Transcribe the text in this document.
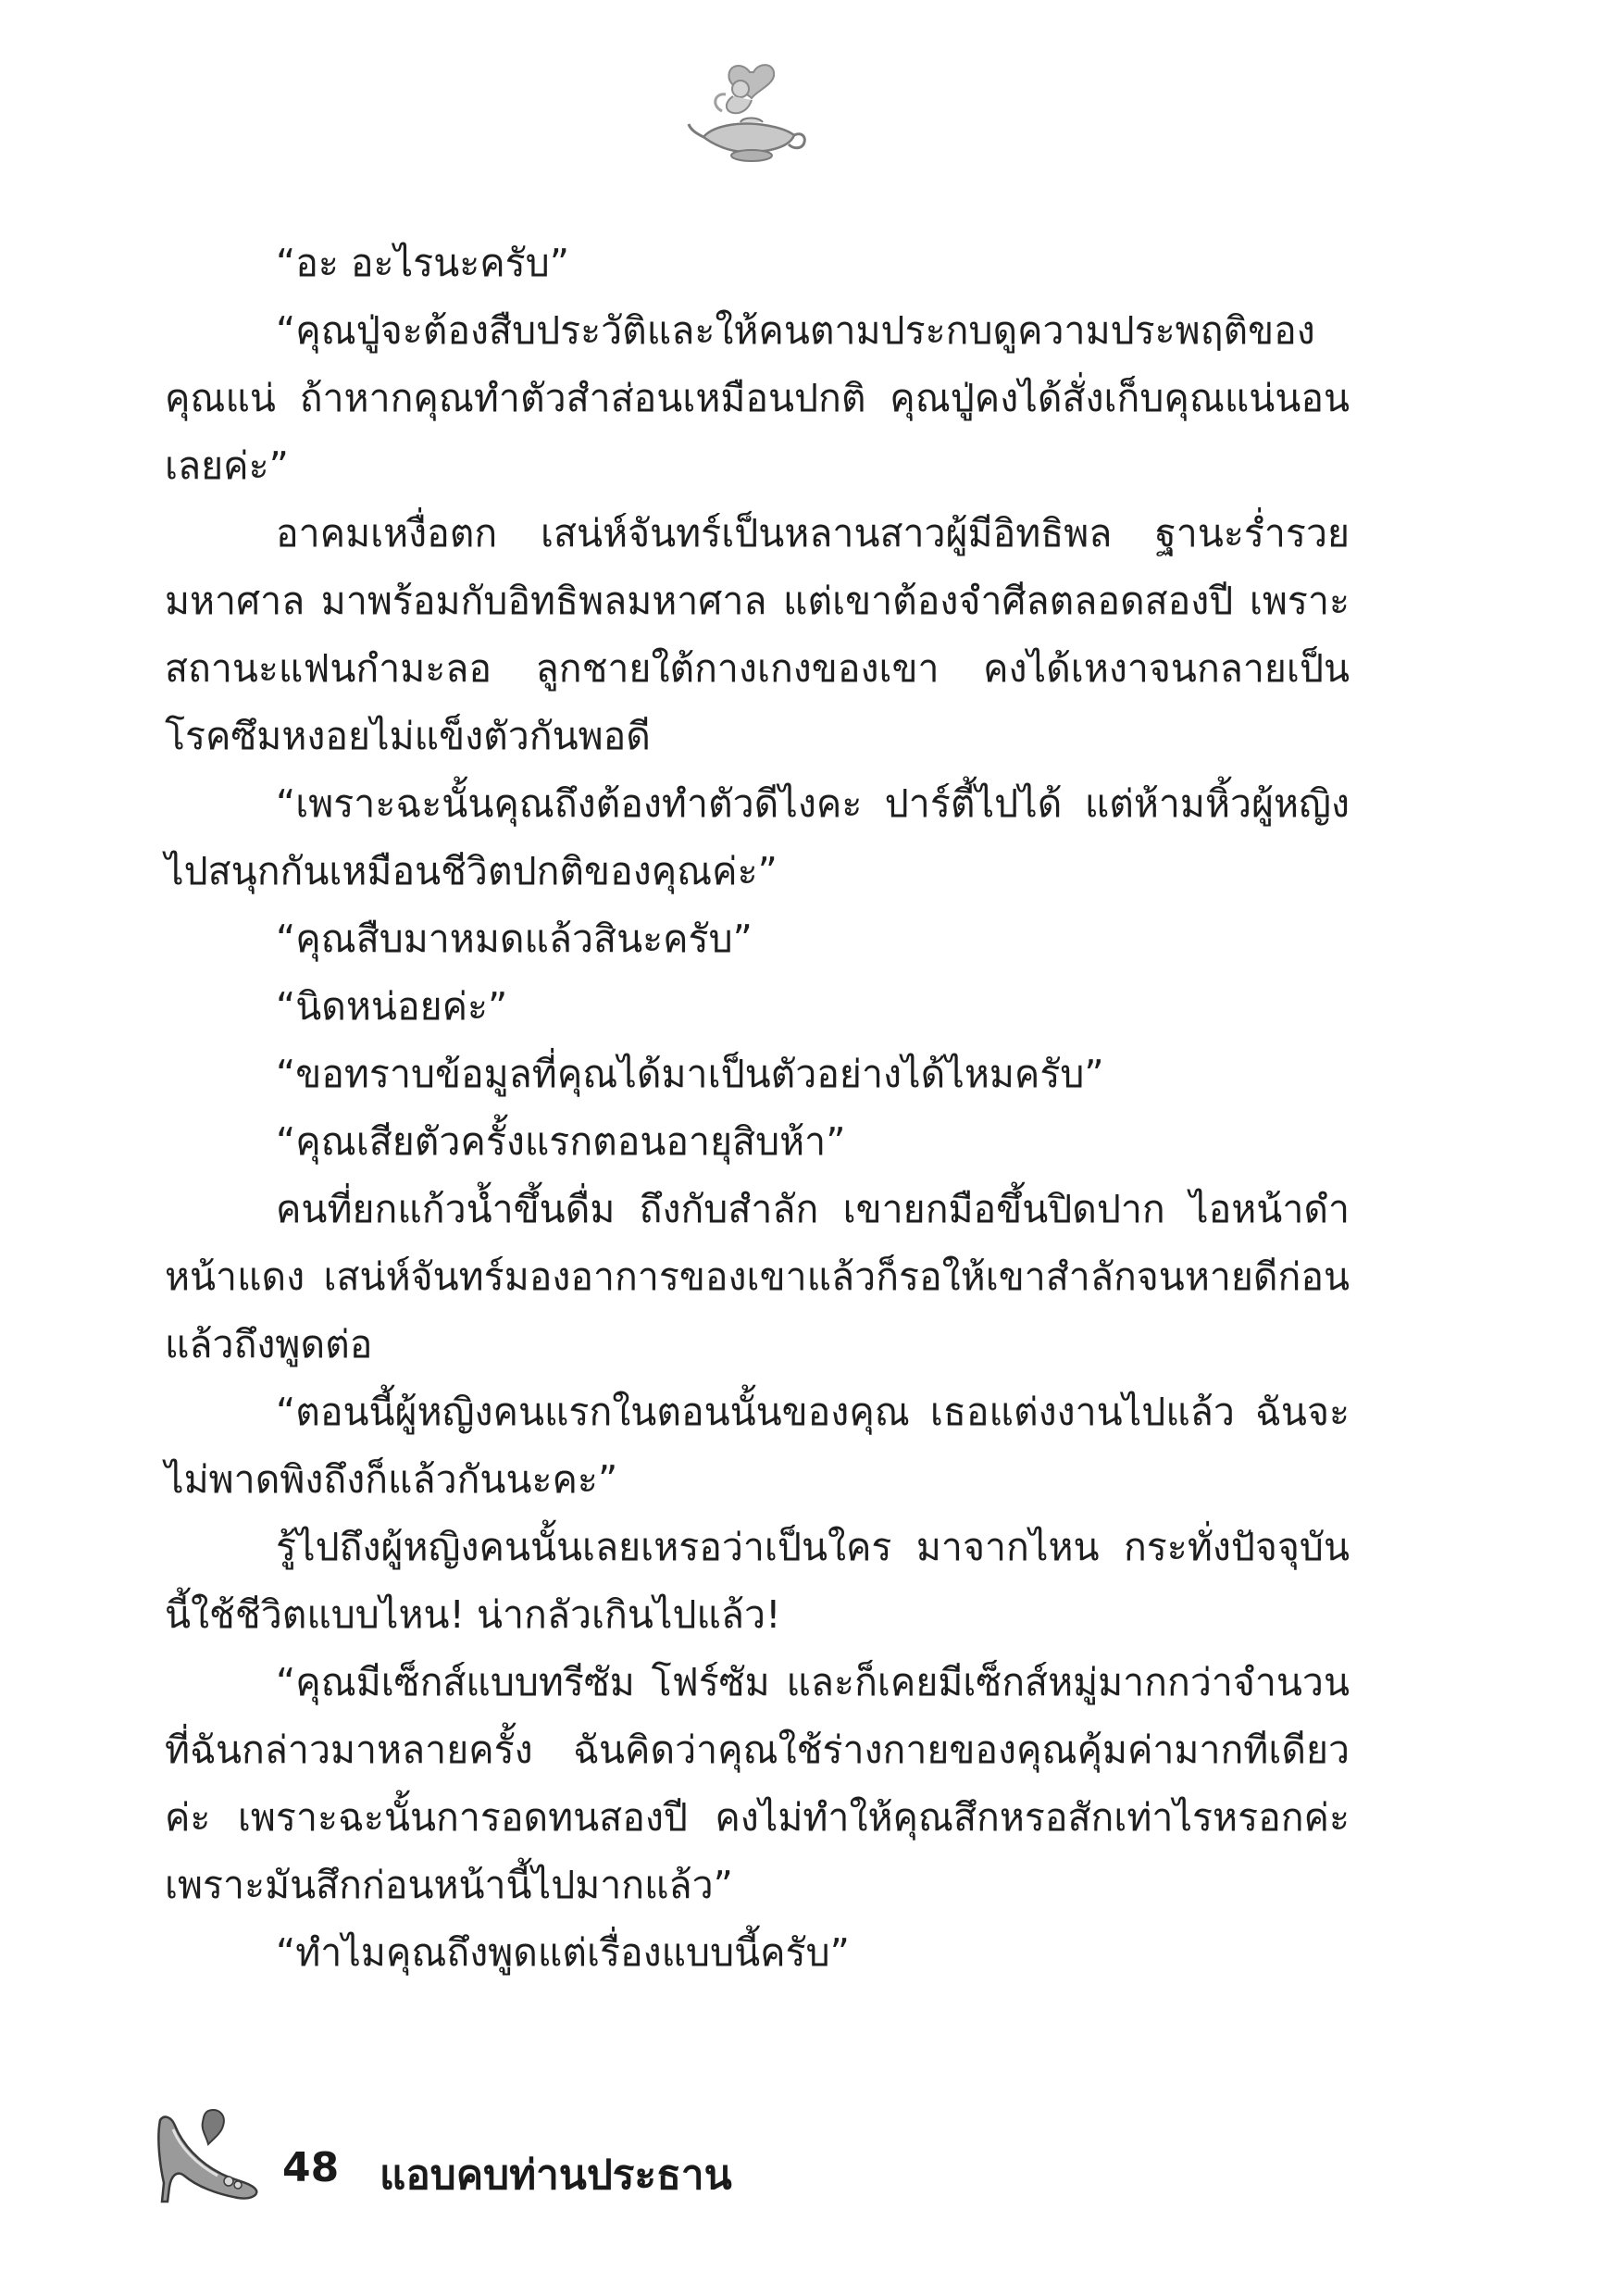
“อะ อะไรนะครับ”

“คุณปู่จะต้องสืบประวัติและให้คนตามประกบดูความประพฤติของคุณแน่ ถ้าหากคุณทำตัวสำส่อนเหมือนปกติ คุณปู่คงได้สั่งเก็บคุณแน่นอนเลยค่ะ”

อาคมเหงื่อตก เสน่ห์จันทร์เป็นหลานสาวผู้มีอิทธิพล ฐานะร่ำรวยมหาศาล มาพร้อมกับอิทธิพลมหาศาล แต่เขาต้องจำศีลตลอดสองปี เพราะสถานะแฟนกำมะลอ ลูกชายใต้กางเกงของเขา คงได้เหงาจนกลายเป็นโรคซึมหงอยไม่แข็งตัวกันพอดี

“เพราะฉะนั้นคุณถึงต้องทำตัวดีไงคะ ปาร์ตี้ไปได้ แต่ห้ามหิ้วผู้หญิงไปสนุกกันเหมือนชีวิตปกติของคุณค่ะ”

“คุณสืบมาหมดแล้วสินะครับ”

“นิดหน่อยค่ะ”

“ขอทราบข้อมูลที่คุณได้มาเป็นตัวอย่างได้ไหมครับ”

“คุณเสียตัวครั้งแรกตอนอายุสิบห้า”

คนที่ยกแก้วน้ำขึ้นดื่ม ถึงกับสำลัก เขายกมือขึ้นปิดปาก ไอหน้าดำหน้าแดง เสน่ห์จันทร์มองอาการของเขาแล้วก็รอให้เขาสำลักจนหายดีก่อนแล้วถึงพูดต่อ

“ตอนนี้ผู้หญิงคนแรกในตอนนั้นของคุณ เธอแต่งงานไปแล้ว ฉันจะไม่พาดพิงถึงก็แล้วกันนะคะ”

รู้ไปถึงผู้หญิงคนนั้นเลยเหรอว่าเป็นใคร มาจากไหน กระทั่งปัจจุบันนี้ใช้ชีวิตแบบไหน! น่ากลัวเกินไปแล้ว!

“คุณมีเซ็กส์แบบทรีซัม โฟร์ซัม และก็เคยมีเซ็กส์หมู่มากกว่าจำนวนที่ฉันกล่าวมาหลายครั้ง ฉันคิดว่าคุณใช้ร่างกายของคุณคุ้มค่ามากทีเดียวค่ะ เพราะฉะนั้นการอดทนสองปี คงไม่ทำให้คุณสึกหรอสักเท่าไรหรอกค่ะเพราะมันสึกก่อนหน้านี้ไปมากแล้ว”

“ทำไมคุณถึงพูดแต่เรื่องแบบนี้ครับ”

48 แอบคบท่านประธาน
